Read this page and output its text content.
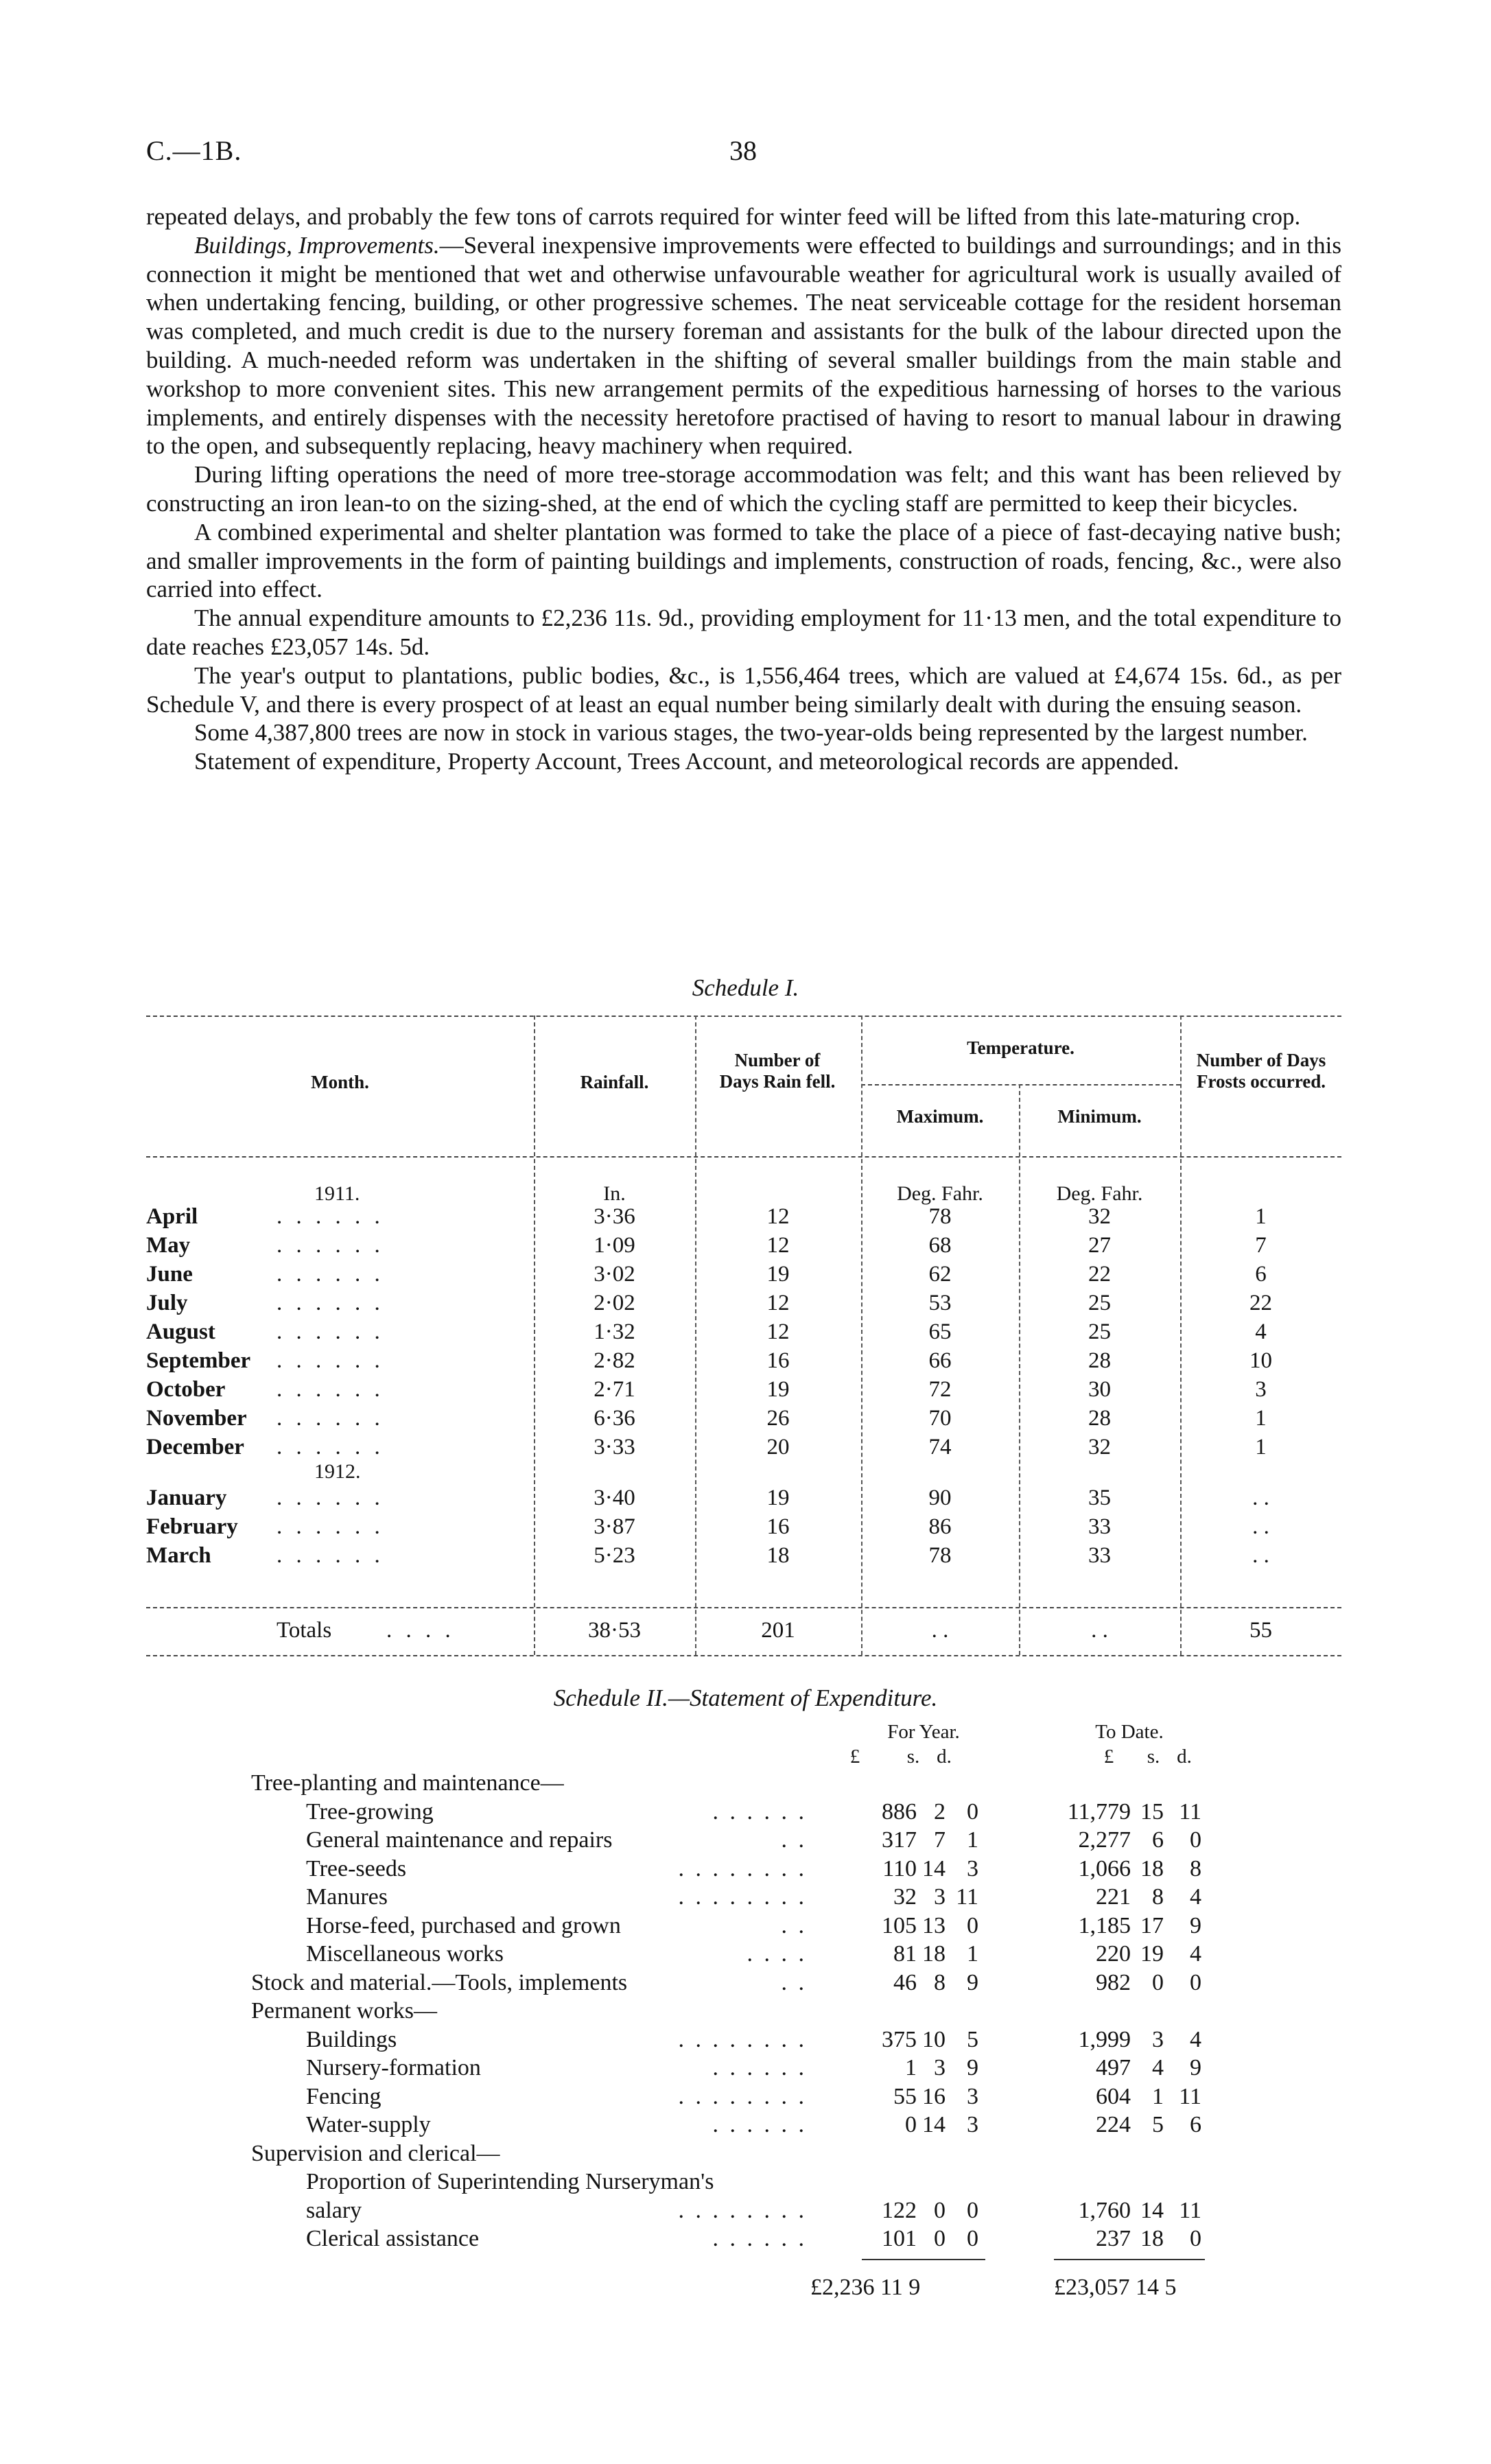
C.—1B.	38

repeated delays, and probably the few tons of carrots required for winter feed will be lifted from this late-maturing crop.

Buildings, Improvements.—Several inexpensive improvements were effected to buildings and surroundings; and in this connection it might be mentioned that wet and otherwise unfavourable weather for agricultural work is usually availed of when undertaking fencing, building, or other progressive schemes. The neat serviceable cottage for the resident horseman was completed, and much credit is due to the nursery foreman and assistants for the bulk of the labour directed upon the building. A much-needed reform was undertaken in the shifting of several smaller buildings from the main stable and workshop to more convenient sites. This new arrangement permits of the expeditious harnessing of horses to the various implements, and entirely dispenses with the necessity heretofore practised of having to resort to manual labour in drawing to the open, and subsequently replacing, heavy machinery when required.

During lifting operations the need of more tree-storage accommodation was felt; and this want has been relieved by constructing an iron lean-to on the sizing-shed, at the end of which the cycling staff are permitted to keep their bicycles.

A combined experimental and shelter plantation was formed to take the place of a piece of fast-decaying native bush; and smaller improvements in the form of painting buildings and implements, construction of roads, fencing, &c., were also carried into effect.

The annual expenditure amounts to £2,236 11s. 9d., providing employment for 11·13 men, and the total expenditure to date reaches £23,057 14s. 5d.

The year's output to plantations, public bodies, &c., is 1,556,464 trees, which are valued at £4,674 15s. 6d., as per Schedule V, and there is every prospect of at least an equal number being similarly dealt with during the ensuing season.

Some 4,387,800 trees are now in stock in various stages, the two-year-olds being represented by the largest number.

Statement of expenditure, Property Account, Trees Account, and meteorological records are appended.

Schedule I.
Month.	Rainfall.
Number of Days Rain fell.
Temperature.
Maximum.	Minimum.
Number of Days Frosts occurred.
1911.	In.	Deg. Fahr.	Deg. Fahr.
1912.
April	. . . . . .	3·36	12	78	32	1
May	. . . . . .	1·09	12	68	27	7
June	. . . . . .	3·02	19	62	22	6
July	. . . . . .	2·02	12	53	25	22
August	. . . . . .	1·32	12	65	25	4
September . . . . . .	2·82	16	66	28	10
October . . . . . .	2·71	19	72	30	3
November . . . . . .	6·36	26	70	28	1
December . . . . . .	3·33	20	74	32	1
January . . . . . .	3·40	19	90	35	. .
February . . . . . .	3·87	16	86	33	. .
March	. . . . . .	5·23	18	78	33	. .
Totals . . . .	38·53	201	. .	. .	55
Schedule II.—Statement of Expenditure.
For Year.	To Date.
£	s. d.	£	s. d.
Tree-planting and maintenance—
Tree-growing	. . . . . .	886 2 0	11,779 15 11
General maintenance and repairs	. .	317 7 1	2,277 6 0
Tree-seeds	. . . . . . . .	110 14 3	1,066 18 8
Manures	. . . . . . . .	32 3 11	221 8 4
Horse-feed, purchased and grown	. .	105 13 0	1,185 17 9
Miscellaneous works	. . . .	81 18 1	220 19 4
Stock and material.—Tools, implements	. .	46 8 9	982 0 0
Permanent works—
Buildings	. . . . . . . .	375 10 5	1,999 3 4
Nursery-formation	. . . . . .	1 3 9	497 4 9
Fencing	. . . . . . . .	55 16 3	604 1 11
Water-supply	. . . . . .	0 14 3	224 5 6
Supervision and clerical—
Proportion of Superintending Nurseryman's
salary	. . . . . . . .	122 0 0	1,760 14 11
Clerical assistance	. . . . . .	101 0 0	237 18 0
£2,236 11 9	£23,057 14 5
